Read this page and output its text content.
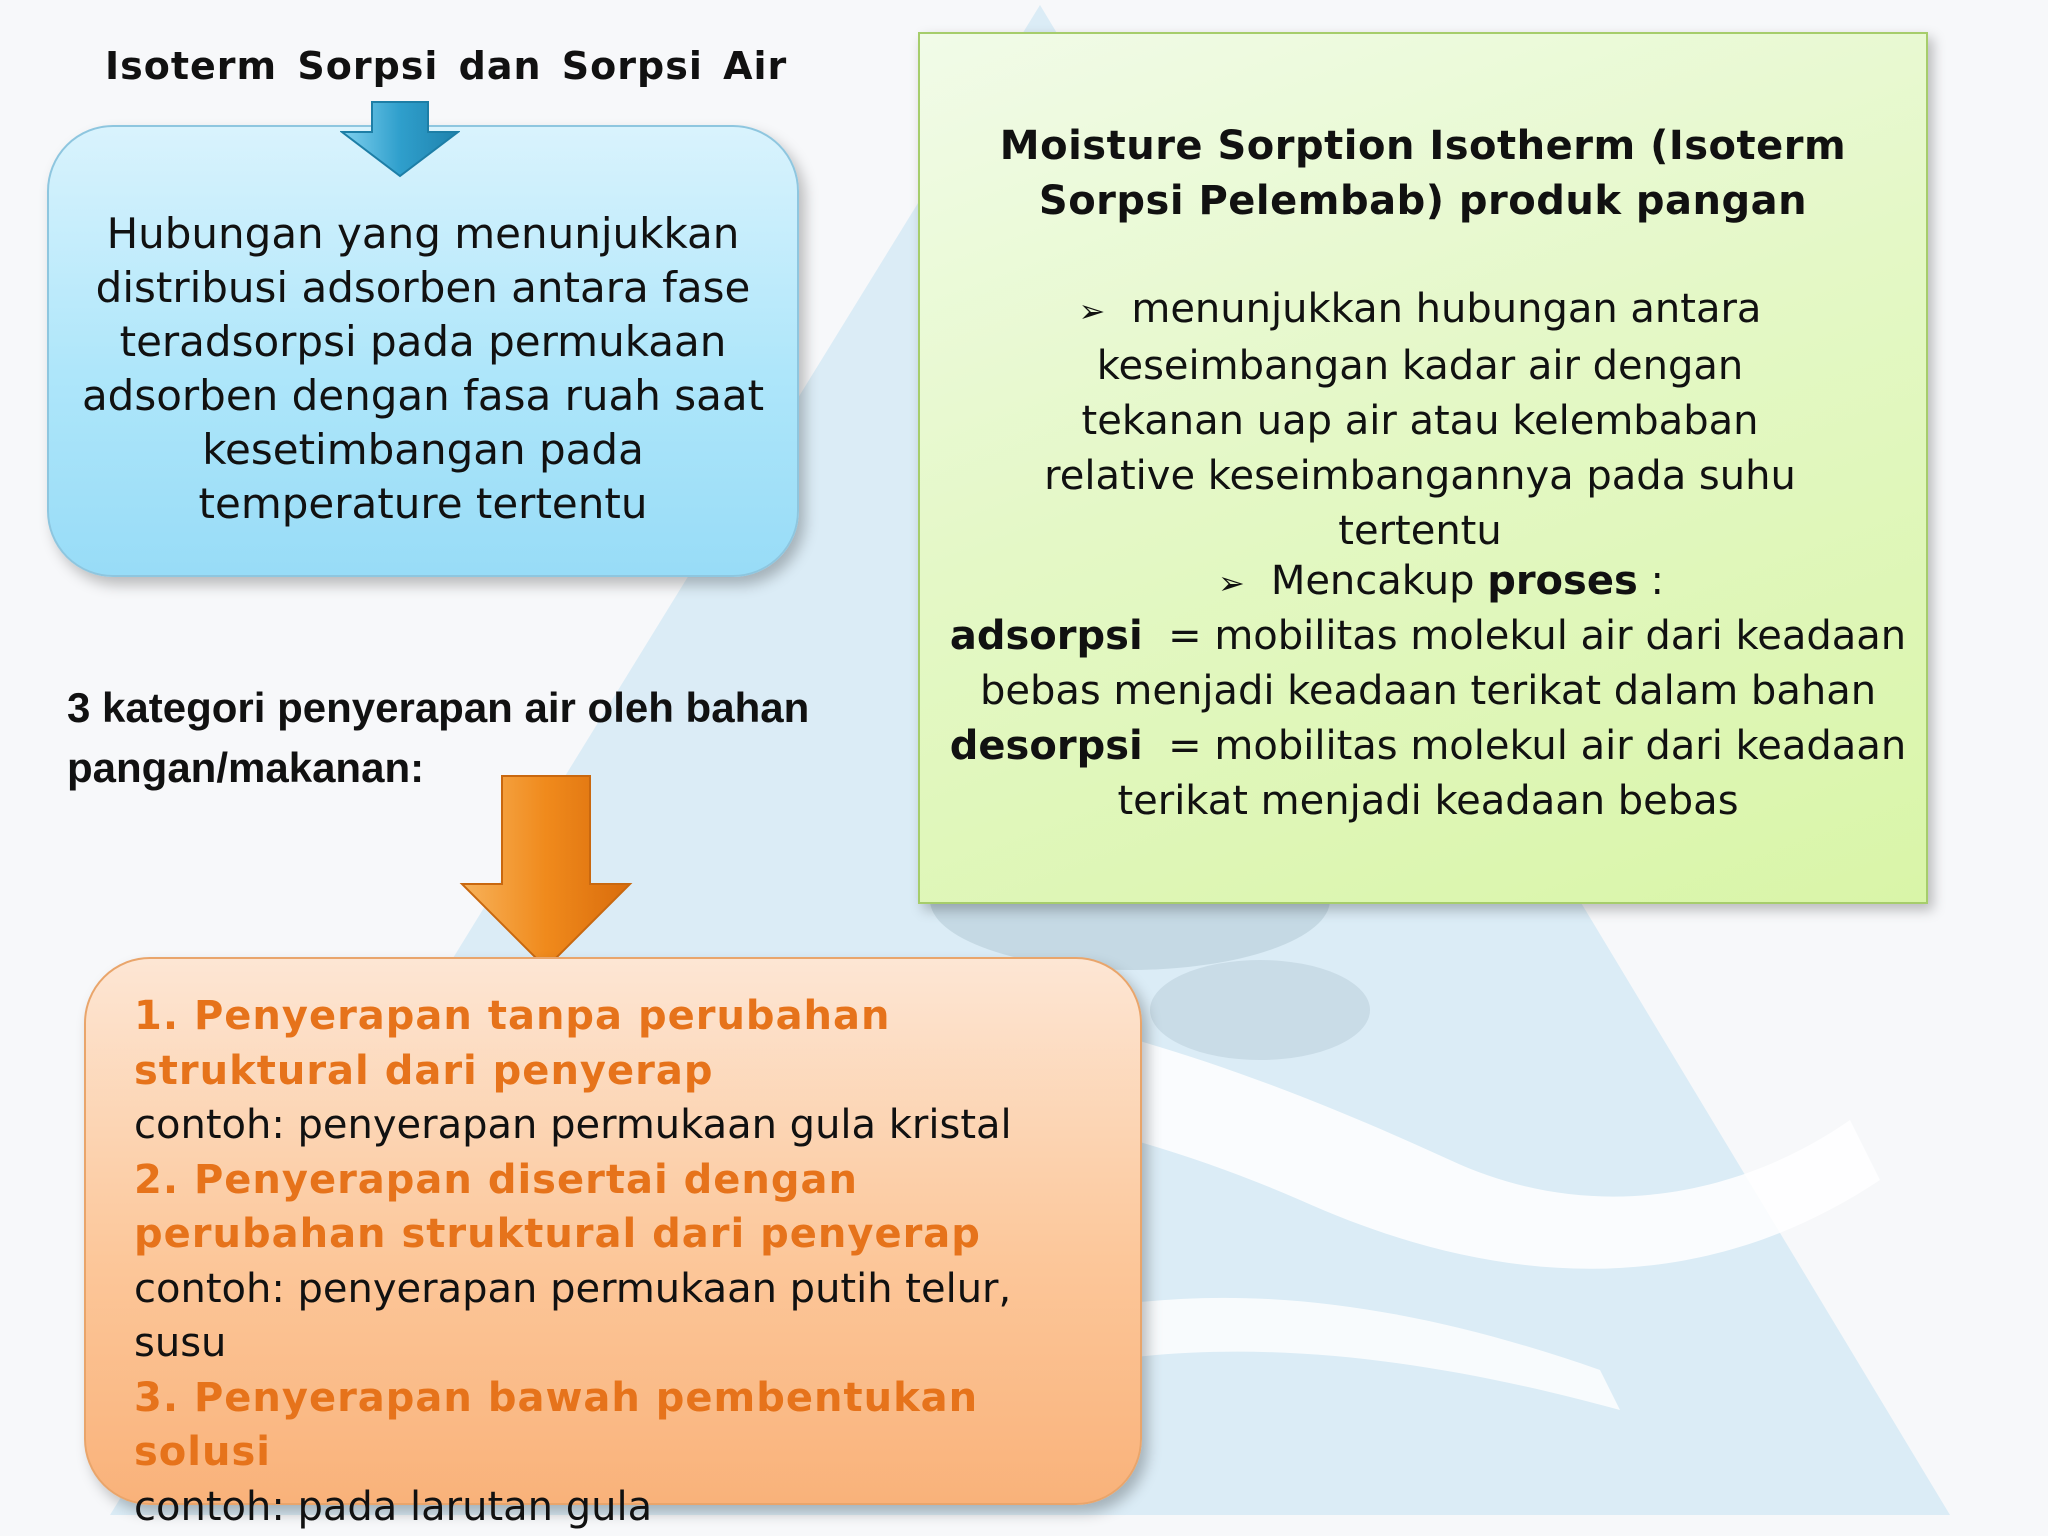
Isoterm Sorpsi dan Sorpsi Air
Hubungan yang menunjukkan distribusi adsorben antara fase teradsorpsi pada permukaan adsorben dengan fasa ruah saat kesetimbangan pada temperature tertentu
Moisture Sorption Isotherm (Isoterm
Sorpsi Pelembab) produk pangan
➢ menunjukkan hubungan antara keseimbangan kadar air dengan tekanan uap air atau kelembaban relative keseimbangannya pada suhu tertentu
➢ Mencakup proses :
adsorpsi = mobilitas molekul air dari keadaan bebas menjadi keadaan terikat dalam bahan
desorpsi = mobilitas molekul air dari keadaan terikat menjadi keadaan bebas
3 kategori penyerapan air oleh bahan pangan/makanan:
1. Penyerapan tanpa perubahan struktural dari penyerap
contoh: penyerapan permukaan gula kristal
2. Penyerapan disertai dengan perubahan struktural dari penyerap
contoh: penyerapan permukaan putih telur, susu
3. Penyerapan bawah pembentukan solusi
contoh: pada larutan gula
